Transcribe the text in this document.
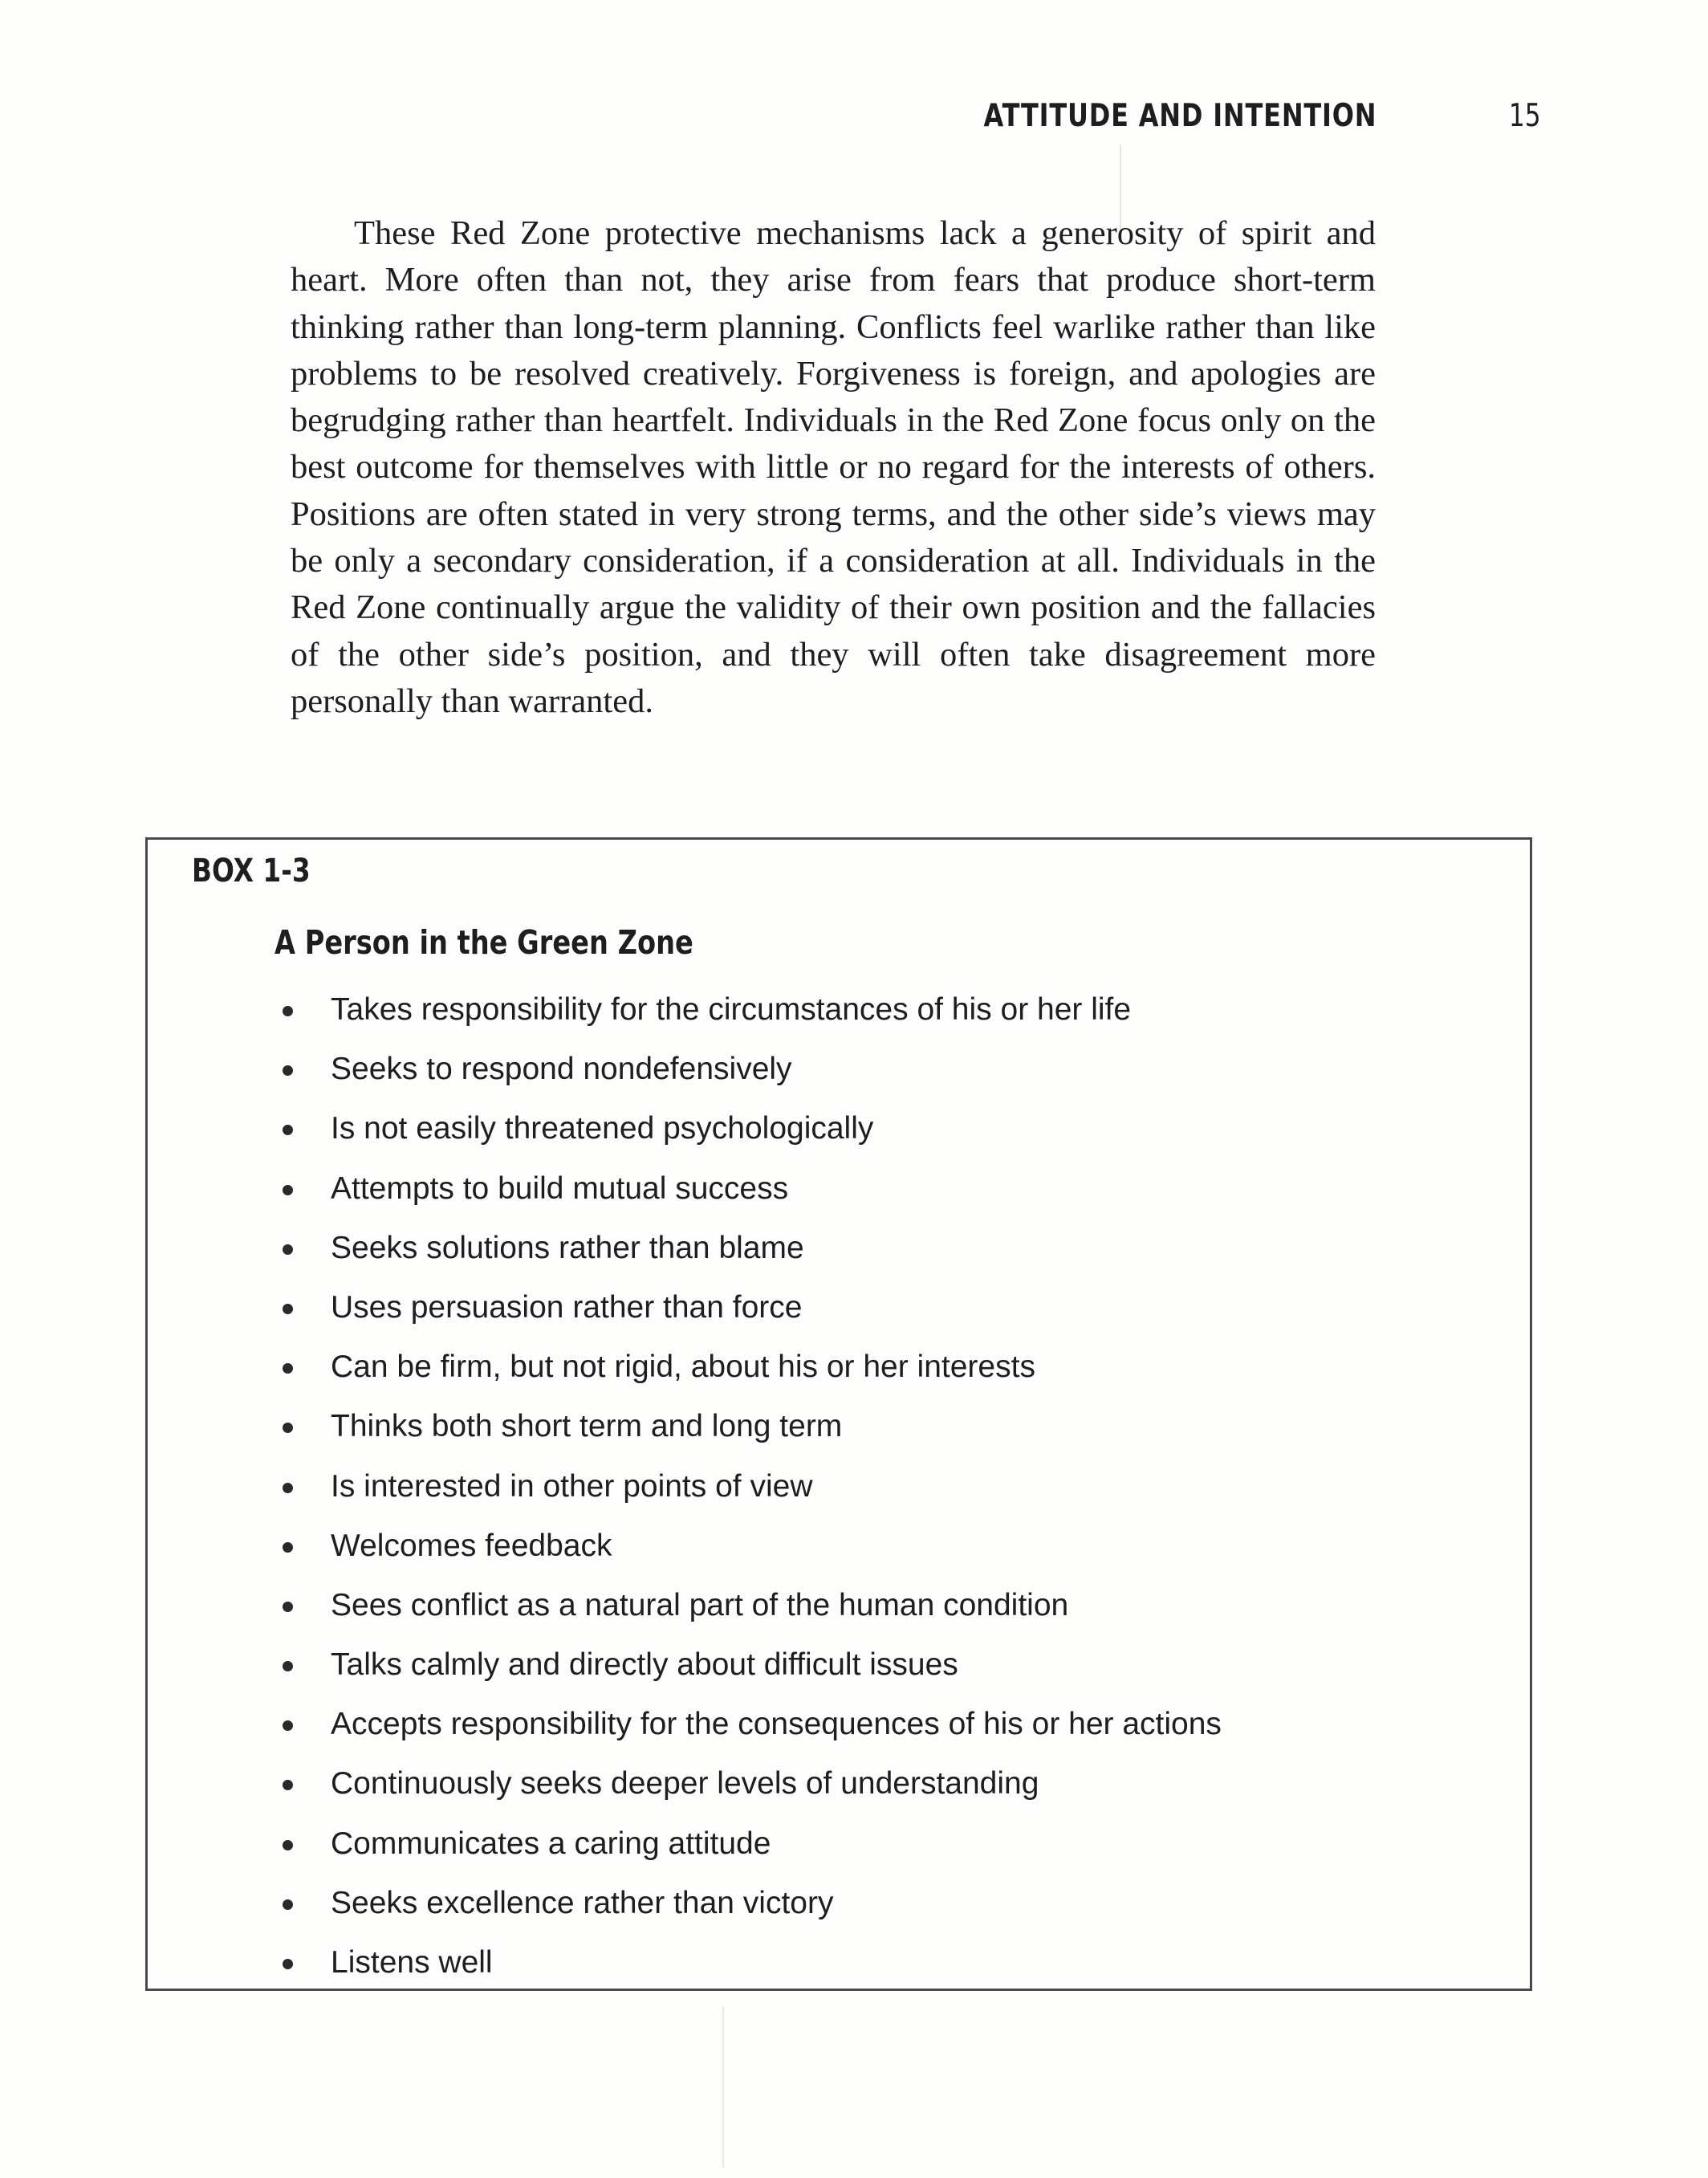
ATTITUDE AND INTENTION	15

These Red Zone protective mechanisms lack a generosity of spirit and heart. More often than not, they arise from fears that produce short-term thinking rather than long-term planning. Conflicts feel warlike rather than like problems to be resolved creatively. Forgiveness is foreign, and apologies are begrudging rather than heartfelt. Individuals in the Red Zone focus only on the best outcome for themselves with little or no regard for the interests of others. Positions are often stated in very strong terms, and the other side’s views may be only a secondary consideration, if a consideration at all. Individuals in the Red Zone continually argue the validity of their own position and the fallacies of the other side’s position, and they will often take disagreement more personally than warranted.

BOX 1-3
A Person in the Green Zone
Takes responsibility for the circumstances of his or her life
Seeks to respond nondefensively
Is not easily threatened psychologically
Attempts to build mutual success
Seeks solutions rather than blame
Uses persuasion rather than force
Can be firm, but not rigid, about his or her interests
Thinks both short term and long term
Is interested in other points of view
Welcomes feedback
Sees conflict as a natural part of the human condition
Talks calmly and directly about difficult issues
Accepts responsibility for the consequences of his or her actions
Continuously seeks deeper levels of understanding
Communicates a caring attitude
Seeks excellence rather than victory
Listens well
